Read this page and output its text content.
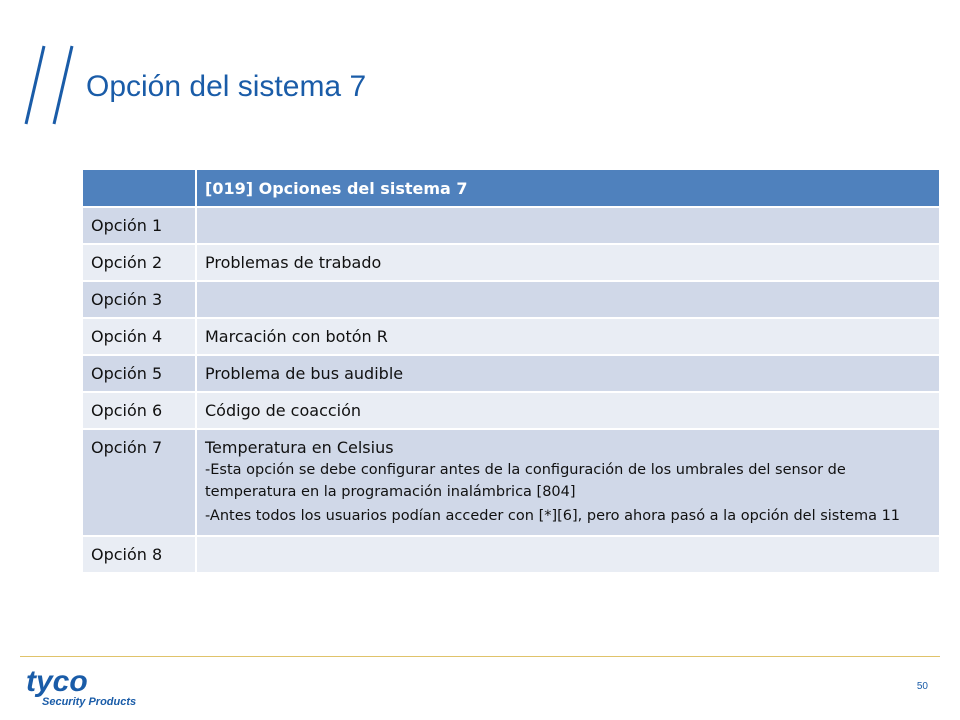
Opción del sistema 7
	[019] Opciones del sistema 7
Opción 1	
Opción 2	Problemas de trabado
Opción 3	
Opción 4	Marcación con botón R
Opción 5	Problema de bus audible
Opción 6	Código de coacción
Opción 7	Temperatura en Celsius
-Esta opción se debe configurar antes de la configuración de los umbrales del sensor de temperatura en la programación inalámbrica [804]
-Antes todos los usuarios podían acceder con [*][6], pero ahora pasó a la opción del sistema 11

Opción 8	
tyco
Security Products
50
